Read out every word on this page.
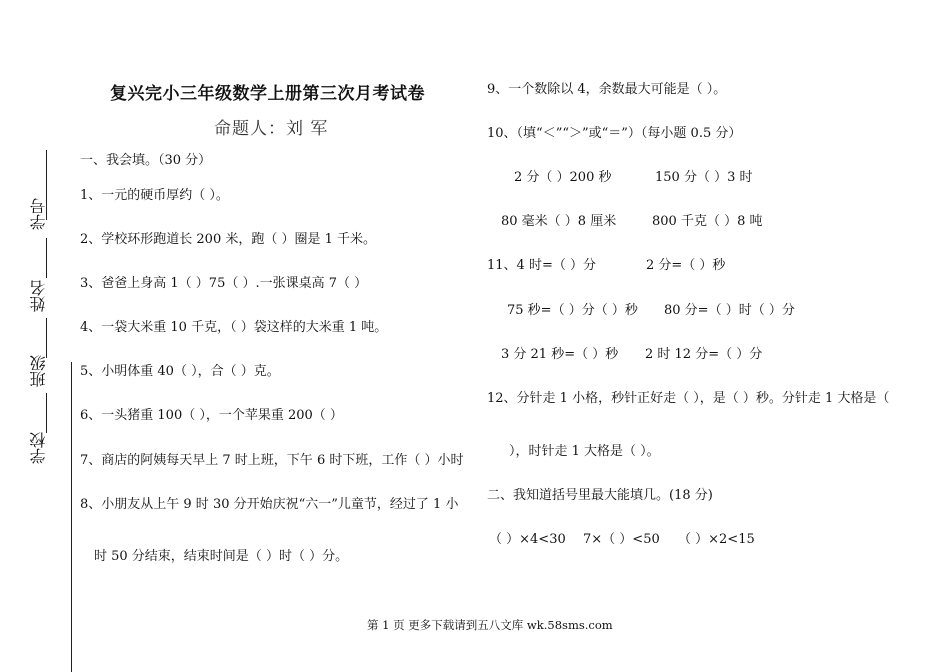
学号
姓名
班级
学校
复兴完小三年级数学上册第三次月考试卷
命题人：刘 军
一、我会填。（30 分）
1、一元的硬币厚约（ ）。
2、学校环形跑道长 200 米，跑（ ）圈是 1 千米。
3、爸爸上身高 1（ ）75（ ）.一张课桌高 7（ ）
4、一袋大米重 10 千克，（ ）袋这样的大米重 1 吨。
5、小明体重 40（ ），合（ ）克。
6、一头猪重 100（ ），一个苹果重 200（ ）
7、商店的阿姨每天早上 7 时上班，下午 6 时下班，工作（ ）小时
8、小朋友从上午 9 时 30 分开始庆祝“六一”儿童节，经过了 1 小
时 50 分结束，结束时间是（ ）时（ ）分。
9、一个数除以 4，余数最大可能是（ ）。
10、（填“＜”“＞”或“＝”）（每小题 0.5 分）
2 分（ ）200 秒	150 分（ ）3 时
80 毫米（ ）8 厘米	800 千克（ ）8 吨
11、4 时=（ ）分	2 分=（ ）秒
75 秒=（ ）分（ ）秒 80 分=（ ）时（ ）分
3 分 21 秒=（ ）秒 2 时 12 分=（ ）分
12、分针走 1 小格，秒针正好走（ ），是（ ）秒。分针走 1 大格是（
），时针走 1 大格是（ ）。
二、我知道括号里最大能填几。(18 分)
（ ）×4<30 7×（ ）<50 （ ）×2<15
第 1 页 更多下载请到五八文库 wk.58sms.com
